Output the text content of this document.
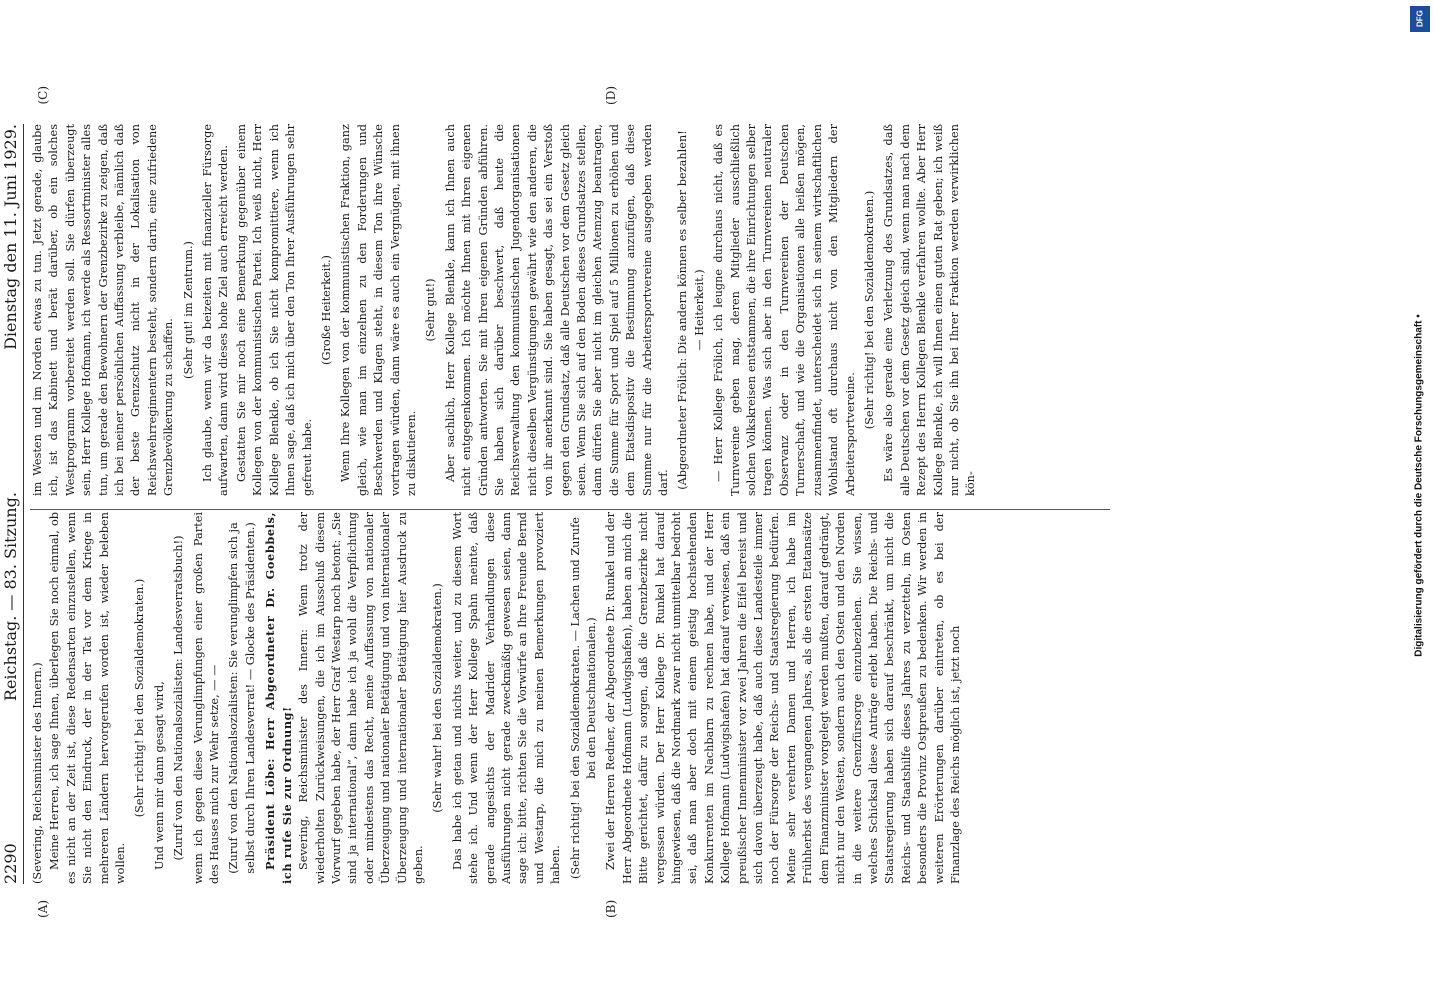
2290
Reichstag. — 83. Sitzung.
Dienstag den 11. Juni 1929.
(A)	(B)
(C)	(D)

(Severing, Reichsminister des Innern.) Meine Herren, ich sage Ihnen, überlegen Sie noch einmal, ob es nicht an der Zeit ist, diese Redensarten einzustellen, wenn Sie nicht den Eindruck, der in der Tat vor dem Kriege in mehreren Ländern hervorgerufen worden ist, wieder beleben wollen.

(Sehr richtig! bei den Sozialdemokraten.) Und wenn mir dann gesagt wird, (Zuruf von den Nationalsozialisten: Landesverratsbuch!) wenn ich gegen diese Verunglimpfungen einer großen Partei des Hauses mich zur Wehr setze, — — (Zuruf von den Nationalsozialisten: Sie verunglimpfen sich ja selbst durch Ihren Landesverrat! — Glocke des Präsidenten.) Präsident Löbe: Herr Abgeordneter Dr. Goebbels, ich rufe Sie zur Ordnung! Severing, Reichsminister des Innern: Wenn trotz der wiederholten Zurückweisungen, die ich im Ausschuß diesem Vorwurf gegeben habe, der Herr Graf Westarp noch betont: „Sie sind ja international“, dann habe ich ja wohl die Verpflichtung oder mindestens das Recht, meine Auffassung von nationaler Überzeugung und nationaler Betätigung und von internationaler Überzeugung und internationaler Betätigung hier Ausdruck zu geben.

(Sehr wahr! bei den Sozialdemokraten.) Das habe ich getan und nichts weiter, und zu diesem Wort stehe ich. Und wenn der Herr Kollege Spahn meinte, daß gerade angesichts der Madrider Verhandlungen diese Ausführungen nicht gerade zweckmäßig gewesen seien, dann sage ich: bitte, richten Sie die Vorwürfe an Ihre Freunde Bernd und Westarp, die mich zu meinen Bemerkungen provoziert haben. (Sehr richtig! bei den Sozialdemokraten. — Lachen und Zurufe bei den Deutschnationalen.) Zwei der Herren Redner, der Abgeordnete Dr. Runkel und der Herr Abgeordnete Hofmann (Ludwigshafen), haben an mich die Bitte gerichtet, dafür zu sorgen, daß die Grenzbezirke nicht vergessen würden. Der Herr Kollege Dr. Runkel hat darauf hingewiesen, daß die Nordmark zwar nicht unmittelbar bedroht sei, daß man aber doch mit einem geistig hochstehenden Konkurrenten im Nachbarn zu rechnen habe, und der Herr Kollege Hofmann (Ludwigshafen) hat darauf verwiesen, daß ein preußischer Innenminister vor zwei Jahren die Eifel bereist und sich davon überzeugt habe, daß auch diese Landesteile immer noch der Fürsorge der Reichs- und Staatsregierung bedürfen. Meine sehr verehrten Damen und Herren, ich habe im Frühherbst des vergangenen Jahres, als die ersten Etatansätze dem Finanzminister vorgelegt werden mußten, darauf gedrängt, nicht nur den Westen, sondern auch den Osten und den Norden in die weitere Grenzfürsorge einzubeziehen. Sie wissen, welches Schicksal diese Anträge erlebt haben. Die Reichs- und Staatsregierung haben sich darauf beschränkt, um nicht die Reichs- und Staatshilfe dieses Jahres zu verzetteln, im Osten besonders die Provinz Ostpreußen zu bedenken. Wir werden in weiteren Erörterungen darüber eintreten, ob es bei der Finanzlage des Reichs möglich ist, jetzt noch

im Westen und im Norden etwas zu tun. Jetzt gerade, glaube ich, ist das Kabinett und berät darüber, ob ein solches Westprogramm vorbereitet werden soll. Sie dürfen überzeugt sein, Herr Kollege Hofmann, ich werde als Ressortminister alles tun, um gerade den Bewohnern der Grenzbezirke zu zeigen, daß ich bei meiner persönlichen Auffassung verbleibe, nämlich daß der beste Grenzschutz nicht in der Lokalisation von Reichswehrregimentern besteht, sondern darin, eine zufriedene Grenzbevölkerung zu schaffen.

(Sehr gut! im Zentrum.) Ich glaube, wenn wir da beizeiten mit finanzieller Fürsorge aufwarten, dann wird dieses hohe Ziel auch erreicht werden. Gestatten Sie mir noch eine Bemerkung gegenüber einem Kollegen von der kommunistischen Partei. Ich weiß nicht, Herr Kollege Blenkle, ob ich Sie nicht kompromittiere, wenn ich Ihnen sage, daß ich mich über den Ton Ihrer Ausführungen sehr gefreut habe.

(Große Heiterkeit.) Wenn Ihre Kollegen von der kommunistischen Fraktion, ganz gleich, wie man im einzelnen zu den Forderungen und Beschwerden und Klagen steht, in diesem Ton ihre Wünsche vortragen würden, dann wäre es auch ein Vergnügen, mit ihnen zu diskutieren.

(Sehr gut!) Aber sachlich, Herr Kollege Blenkle, kann ich Ihnen auch nicht entgegenkommen. Ich möchte Ihnen mit Ihren eigenen Gründen antworten. Sie mit Ihren eigenen Gründen abführen. Sie haben sich darüber beschwert, daß heute die Reichsverwaltung den kommunistischen Jugendorganisationen nicht dieselben Vergünstigungen gewährt wie den anderen, die von ihr anerkannt sind. Sie haben gesagt, das sei ein Verstoß gegen den Grundsatz, daß alle Deutschen vor dem Gesetz gleich seien. Wenn Sie sich auf den Boden dieses Grundsatzes stellen, dann dürfen Sie aber nicht im gleichen Atemzug beantragen, die Summe für Sport und Spiel auf 5 Millionen zu erhöhen und dem Etatsdispositiv die Bestimmung anzufügen, daß diese Summe nur für die Arbeitersportvereine ausgegeben werden darf. (Abgeordneter Frölich: Die andern können es selber bezahlen! — Heiterkeit.) — Herr Kollege Frölich, ich leugne durchaus nicht, daß es Turnvereine geben mag, deren Mitglieder ausschließlich solchen Volkskreisen entstammen, die ihre Einrichtungen selber tragen können. Was sich aber in den Turnvereinen neutraler Observanz oder in den Turnvereinen der Deutschen Turnerschaft, und wie die Organisationen alle heißen mögen, zusammenfindet, unterscheidet sich in seinem wirtschaftlichen Wohlstand oft durchaus nicht von den Mitgliedern der Arbeitersportvereine.

(Sehr richtig! bei den Sozialdemokraten.) Es wäre also gerade eine Verletzung des Grundsatzes, daß alle Deutschen vor dem Gesetz gleich sind, wenn man nach dem Rezept des Herrn Kollegen Blenkle verfahren wollte. Aber Herr Kollege Blenkle, ich will Ihnen einen guten Rat geben; ich weiß nur nicht, ob Sie ihn bei Ihrer Fraktion werden verwirklichen kön-

DFG
Digitalisierung gefördert durch die Deutsche Forschungsgemeinschaft •
